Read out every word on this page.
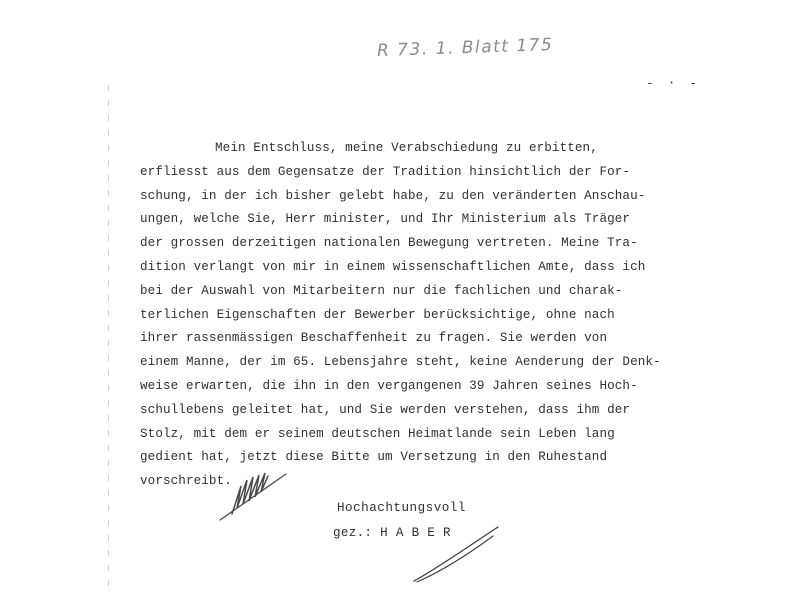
R 73. 1. Blatt 175
- · -
Mein Entschluss, meine Verabschiedung zu erbitten,
erfliesst aus dem Gegensatze der Tradition hinsichtlich der For-
schung, in der ich bisher gelebt habe, zu den veränderten Anschau-
ungen, welche Sie, Herr minister, und Ihr Ministerium als Träger
der grossen derzeitigen nationalen Bewegung vertreten. Meine Tra-
dition verlangt von mir in einem wissenschaftlichen Amte, dass ich
bei der Auswahl von Mitarbeitern nur die fachlichen und charak-
terlichen Eigenschaften der Bewerber berücksichtige, ohne nach
ihrer rassenmässigen Beschaffenheit zu fragen. Sie werden von
einem Manne, der im 65. Lebensjahre steht, keine Aenderung der Denk-
weise erwarten, die ihn in den vergangenen 39 Jahren seines Hoch-
schullebens geleitet hat, und Sie werden verstehen, dass ihm der
Stolz, mit dem er seinem deutschen Heimatlande sein Leben lang
gedient hat, jetzt diese Bitte um Versetzung in den Ruhestand
vorschreibt.
Hochachtungsvoll
gez.: H A B E R
